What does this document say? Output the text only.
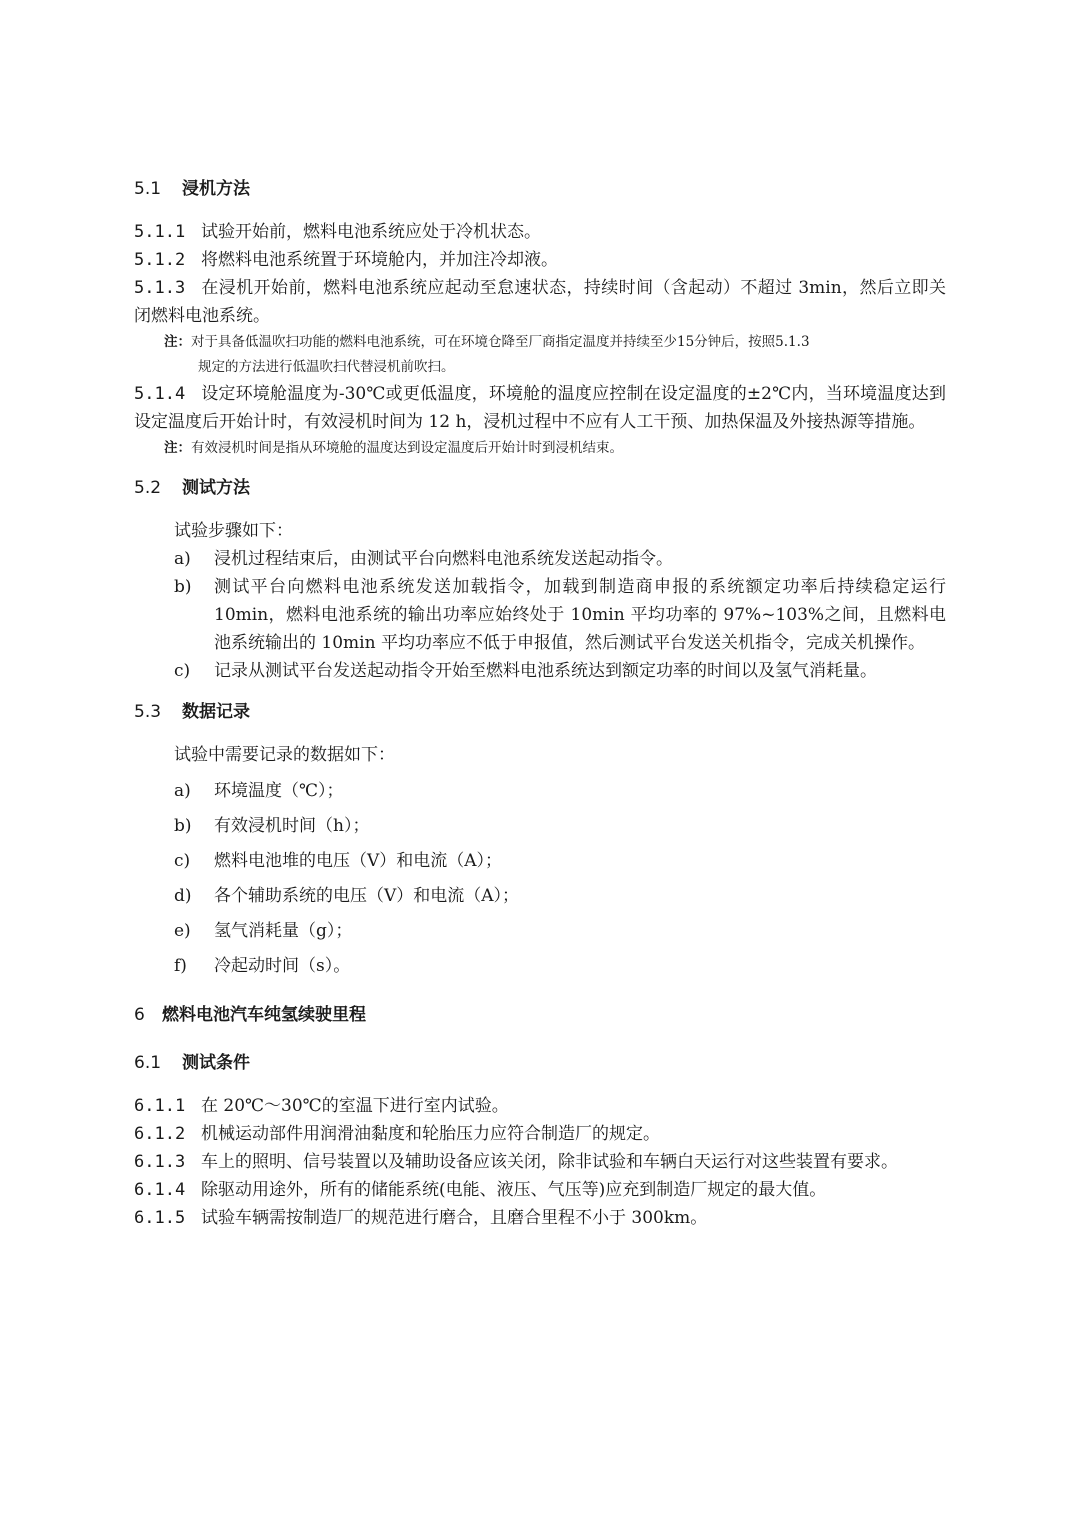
5.1 浸机方法
5.1.1 试验开始前，燃料电池系统应处于冷机状态。
5.1.2 将燃料电池系统置于环境舱内，并加注冷却液。
5.1.3 在浸机开始前，燃料电池系统应起动至怠速状态，持续时间（含起动）不超过 3min，然后立即关闭燃料电池系统。
注：对于具备低温吹扫功能的燃料电池系统，可在环境仓降至厂商指定温度并持续至少15分钟后，按照5.1.3
规定的方法进行低温吹扫代替浸机前吹扫。
5.1.4 设定环境舱温度为-30℃或更低温度，环境舱的温度应控制在设定温度的±2℃内，当环境温度达到设定温度后开始计时，有效浸机时间为 12 h，浸机过程中不应有人工干预、加热保温及外接热源等措施。
注：有效浸机时间是指从环境舱的温度达到设定温度后开始计时到浸机结束。
5.2 测试方法
试验步骤如下：
a)	浸机过程结束后，由测试平台向燃料电池系统发送起动指令。
b)	测试平台向燃料电池系统发送加载指令，加载到制造商申报的系统额定功率后持续稳定运行 10min，燃料电池系统的输出功率应始终处于 10min 平均功率的 97%~103%之间，且燃料电池系统输出的 10min 平均功率应不低于申报值，然后测试平台发送关机指令，完成关机操作。
c)	记录从测试平台发送起动指令开始至燃料电池系统达到额定功率的时间以及氢气消耗量。
5.3 数据记录
试验中需要记录的数据如下：
a)	环境温度（℃）；
b)	有效浸机时间（h）；
c)	燃料电池堆的电压（V）和电流（A）；
d)	各个辅助系统的电压（V）和电流（A）；
e)	氢气消耗量（g）；
f)	冷起动时间（s）。
6 燃料电池汽车纯氢续驶里程
6.1 测试条件
6.1.1 在 20℃～30℃的室温下进行室内试验。
6.1.2 机械运动部件用润滑油黏度和轮胎压力应符合制造厂的规定。
6.1.3 车上的照明、信号装置以及辅助设备应该关闭，除非试验和车辆白天运行对这些装置有要求。
6.1.4 除驱动用途外，所有的储能系统(电能、液压、气压等)应充到制造厂规定的最大值。
6.1.5 试验车辆需按制造厂的规范进行磨合，且磨合里程不小于 300km。
